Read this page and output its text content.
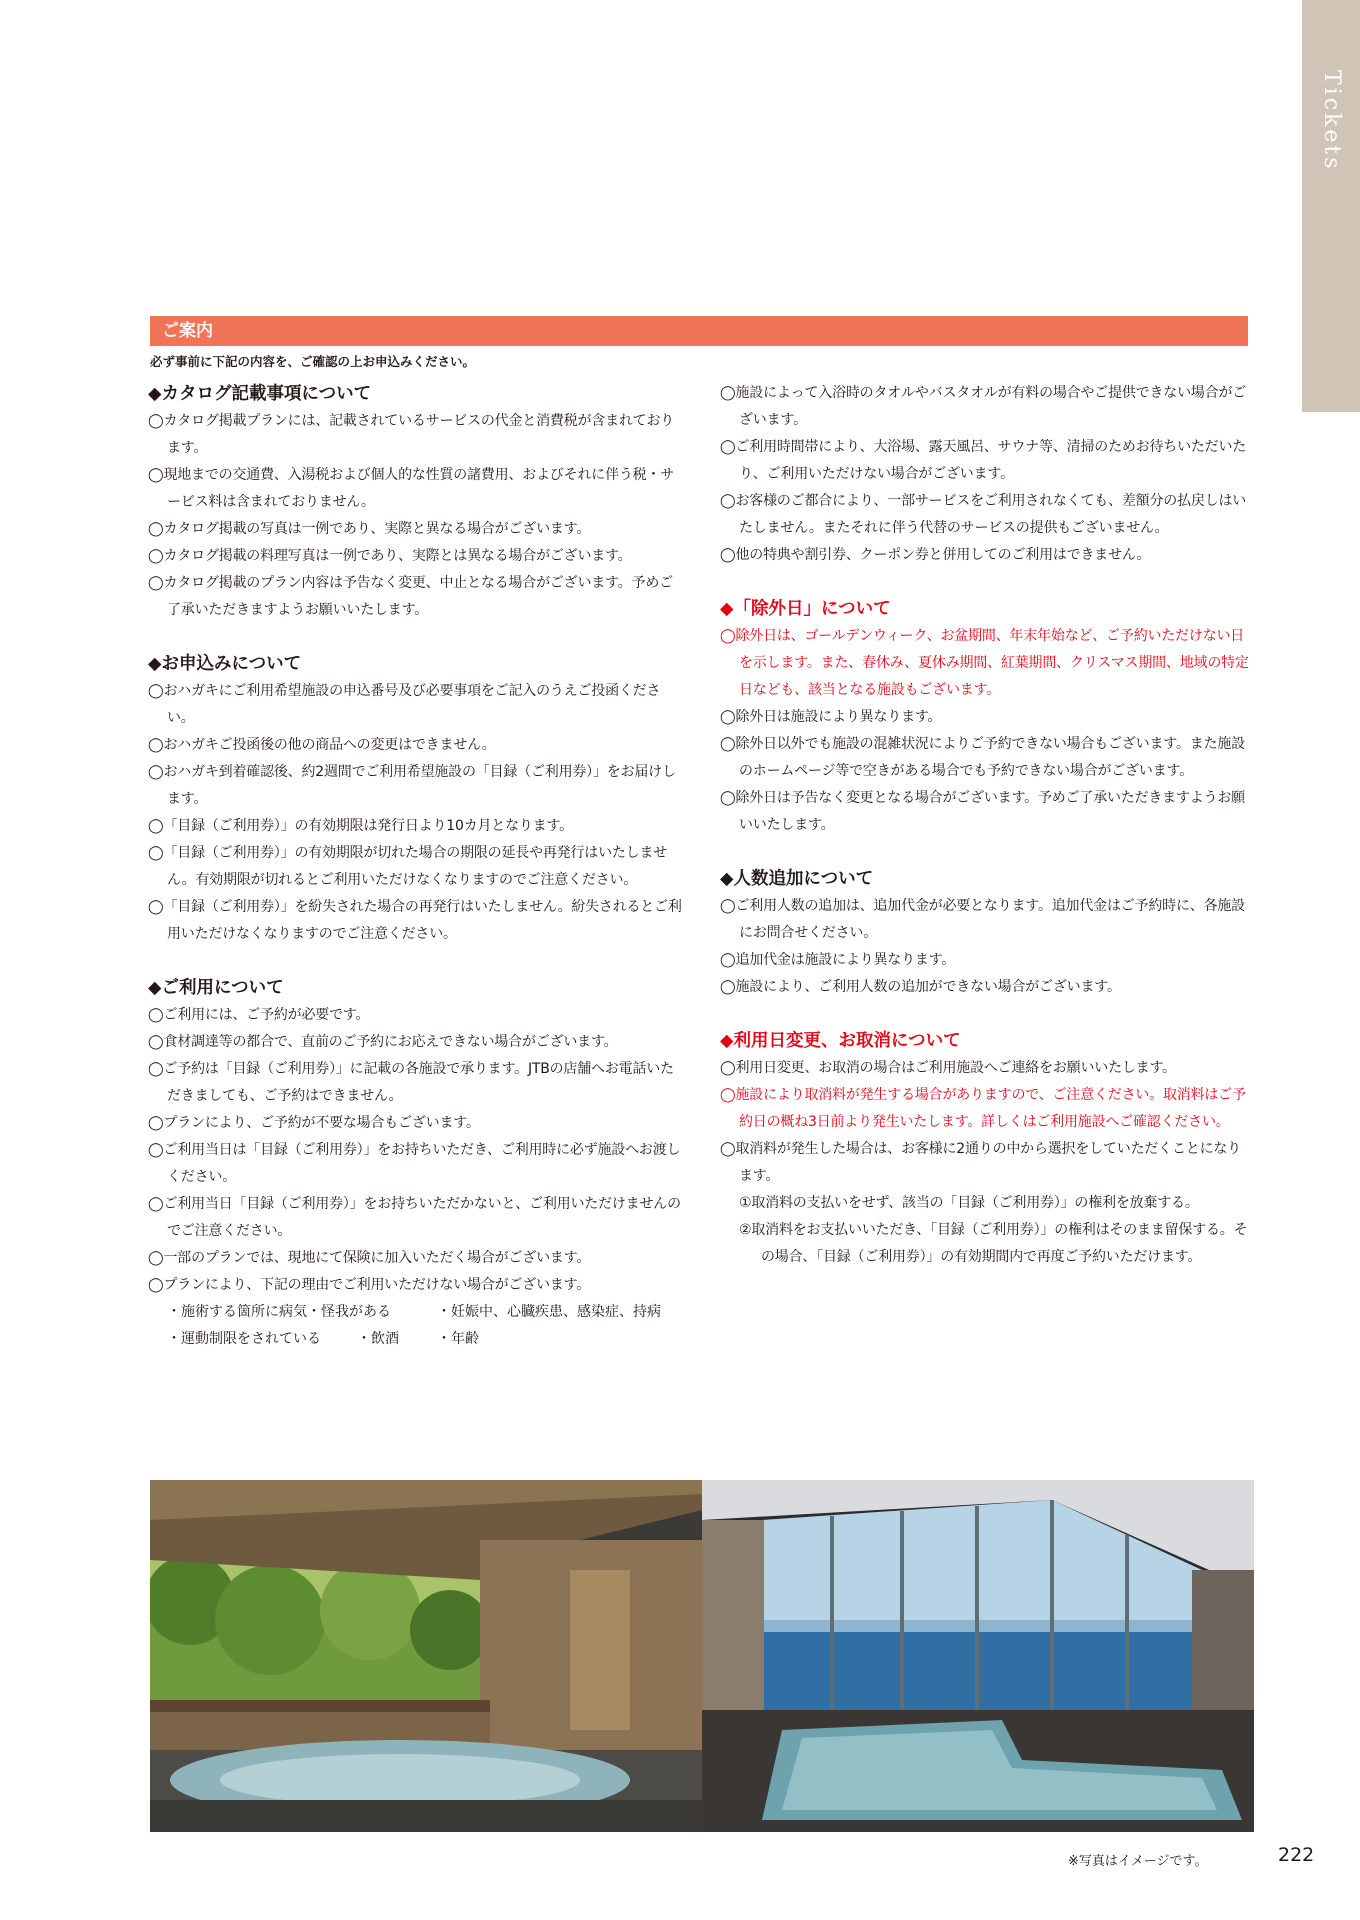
Tickets
ご案内
必ず事前に下記の内容を、ご確認の上お申込みください。
◆カタログ記載事項について

◯カタログ掲載プランには、記載されているサービスの代金と消費税が含まれております。

◯現地までの交通費、入湯税および個人的な性質の諸費用、およびそれに伴う税・サービス料は含まれておりません。

◯カタログ掲載の写真は一例であり、実際と異なる場合がございます。

◯カタログ掲載の料理写真は一例であり、実際とは異なる場合がございます。

◯カタログ掲載のプラン内容は予告なく変更、中止となる場合がございます。予めご了承いただきますようお願いいたします。

◆お申込みについて

◯おハガキにご利用希望施設の申込番号及び必要事項をご記入のうえご投函ください。

◯おハガキご投函後の他の商品への変更はできません。

◯おハガキ到着確認後、約2週間でご利用希望施設の「目録（ご利用券）」をお届けします。

◯「目録（ご利用券）」の有効期限は発行日より10カ月となります。

◯「目録（ご利用券）」の有効期限が切れた場合の期限の延長や再発行はいたしません。有効期限が切れるとご利用いただけなくなりますのでご注意ください。

◯「目録（ご利用券）」を紛失された場合の再発行はいたしません。紛失されるとご利用いただけなくなりますのでご注意ください。

◆ご利用について

◯ご利用には、ご予約が必要です。

◯食材調達等の都合で、直前のご予約にお応えできない場合がございます。

◯ご予約は「目録（ご利用券）」に記載の各施設で承ります。JTBの店舗へお電話いただきましても、ご予約はできません。

◯プランにより、ご予約が不要な場合もございます。

◯ご利用当日は「目録（ご利用券）」をお持ちいただき、ご利用時に必ず施設へお渡しください。

◯ご利用当日「目録（ご利用券）」をお持ちいただかないと、ご利用いただけませんのでご注意ください。

◯一部のプランでは、現地にて保険に加入いただく場合がございます。

◯プランにより、下記の理由でご利用いただけない場合がございます。

・施術する箇所に病気・怪我がある	・妊娠中、心臓疾患、感染症、持病
・運動制限をされている	・飲酒	・年齢

◯施設によって入浴時のタオルやバスタオルが有料の場合やご提供できない場合がございます。

◯ご利用時間帯により、大浴場、露天風呂、サウナ等、清掃のためお待ちいただいたり、ご利用いただけない場合がございます。

◯お客様のご都合により、一部サービスをご利用されなくても、差額分の払戻しはいたしません。またそれに伴う代替のサービスの提供もございません。

◯他の特典や割引券、クーポン券と併用してのご利用はできません。

◆「除外日」について

◯除外日は、ゴールデンウィーク、お盆期間、年末年始など、ご予約いただけない日を示します。また、春休み、夏休み期間、紅葉期間、クリスマス期間、地域の特定日なども、該当となる施設もございます。

◯除外日は施設により異なります。

◯除外日以外でも施設の混雑状況によりご予約できない場合もございます。また施設のホームページ等で空きがある場合でも予約できない場合がございます。

◯除外日は予告なく変更となる場合がございます。予めご了承いただきますようお願いいたします。

◆人数追加について

◯ご利用人数の追加は、追加代金が必要となります。追加代金はご予約時に、各施設にお問合せください。

◯追加代金は施設により異なります。

◯施設により、ご利用人数の追加ができない場合がございます。

◆利用日変更、お取消について

◯利用日変更、お取消の場合はご利用施設へご連絡をお願いいたします。

◯施設により取消料が発生する場合がありますので、ご注意ください。取消料はご予約日の概ね3日前より発生いたします。詳しくはご利用施設へご確認ください。

◯取消料が発生した場合は、お客様に2通りの中から選択をしていただくことになります。

①取消料の支払いをせず、該当の「目録（ご利用券）」の権利を放棄する。

②取消料をお支払いいただき、「目録（ご利用券）」の権利はそのまま留保する。その場合、「目録（ご利用券）」の有効期間内で再度ご予約いただけます。

※写真はイメージです。	222
